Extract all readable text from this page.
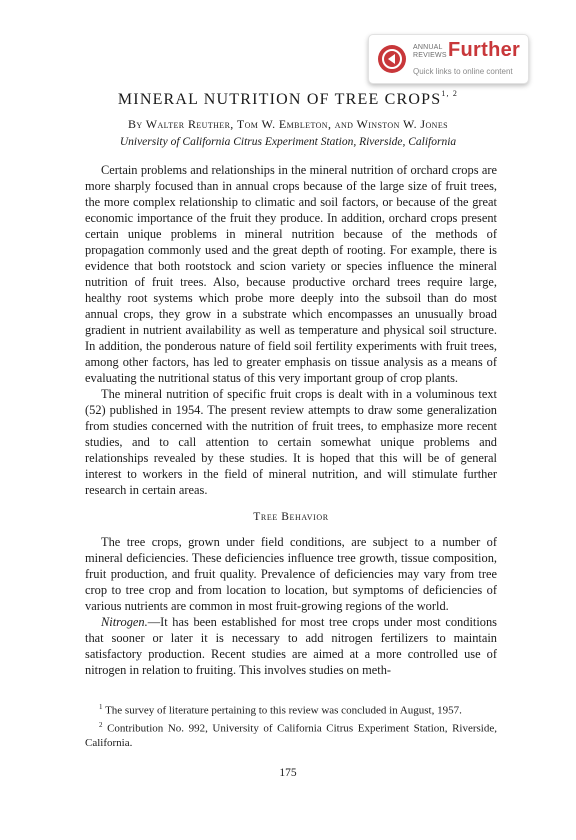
ANNUAL
REVIEWS Further
Quick links to online content
MINERAL NUTRITION OF TREE CROPS$^{1, 2}$
By Walter Reuther, Tom W. Embleton, and Winston W. Jones
University of California Citrus Experiment Station, Riverside, California

Certain problems and relationships in the mineral nutrition of orchard crops are more sharply focused than in annual crops because of the large size of fruit trees, the more complex relationship to climatic and soil factors, or because of the great economic importance of the fruit they produce. In addition, orchard crops present certain unique problems in mineral nutrition because of the methods of propagation commonly used and the great depth of rooting. For example, there is evidence that both rootstock and scion variety or species influence the mineral nutrition of fruit trees. Also, because productive orchard trees require large, healthy root systems which probe more deeply into the subsoil than do most annual crops, they grow in a substrate which encompasses an unusually broad gradient in nutrient availability as well as temperature and physical soil structure. In addition, the ponderous nature of field soil fertility experiments with fruit trees, among other factors, has led to greater emphasis on tissue analysis as a means of evaluating the nutritional status of this very important group of crop plants.

The mineral nutrition of specific fruit crops is dealt with in a voluminous text (52) published in 1954. The present review attempts to draw some generalization from studies concerned with the nutrition of fruit trees, to emphasize more recent studies, and to call attention to certain somewhat unique problems and relationships revealed by these studies. It is hoped that this will be of general interest to workers in the field of mineral nutrition, and will stimulate further research in certain areas.

Tree Behavior

The tree crops, grown under field conditions, are subject to a number of mineral deficiencies. These deficiencies influence tree growth, tissue composition, fruit production, and fruit quality. Prevalence of deficiencies may vary from tree crop to tree crop and from location to location, but symptoms of deficiencies of various nutrients are common in most fruit-growing regions of the world.

Nitrogen.—It has been established for most tree crops under most conditions that sooner or later it is necessary to add nitrogen fertilizers to maintain satisfactory production. Recent studies are aimed at a more controlled use of nitrogen in relation to fruiting. This involves studies on meth-

$^1$ The survey of literature pertaining to this review was concluded in August, 1957.

$^2$ Contribution No. 992, University of California Citrus Experiment Station, Riverside, California.

175
